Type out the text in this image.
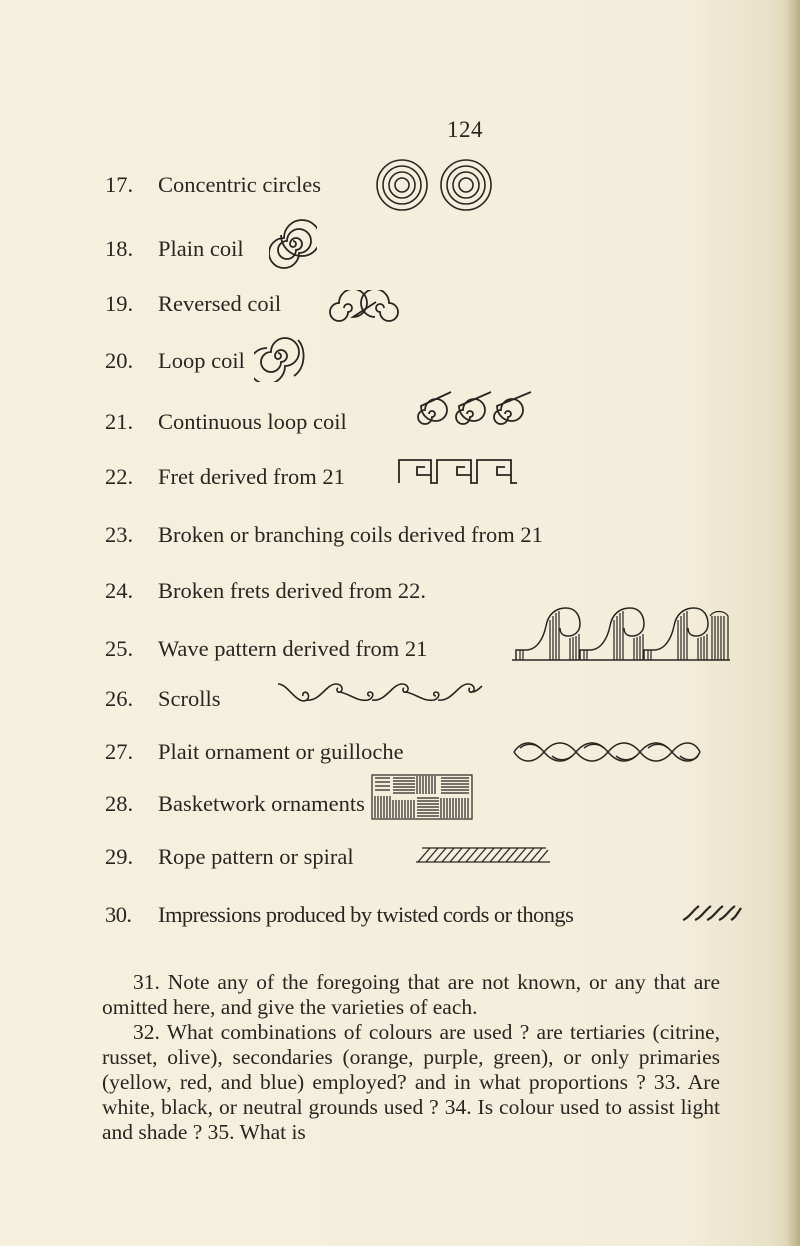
124
17. Concentric circles
18. Plain coil
19. Reversed coil
20. Loop coil
21. Continuous loop coil
22. Fret derived from 21
23. Broken or branching coils derived from 21
24. Broken frets derived from 22.
25. Wave pattern derived from 21
26. Scrolls
27. Plait ornament or guilloche
28. Basketwork ornaments
29. Rope pattern or spiral
30. Impressions produced by twisted cords or thongs

31. Note any of the foregoing that are not known, or any that are omitted here, and give the varieties of each.

32. What combinations of colours are used ? are tertiaries (citrine, russet, olive), secondaries (orange, purple, green), or only primaries (yellow, red, and blue) employed? and in what proportions ? 33. Are white, black, or neutral grounds used ? 34. Is colour used to assist light and shade ? 35. What is
